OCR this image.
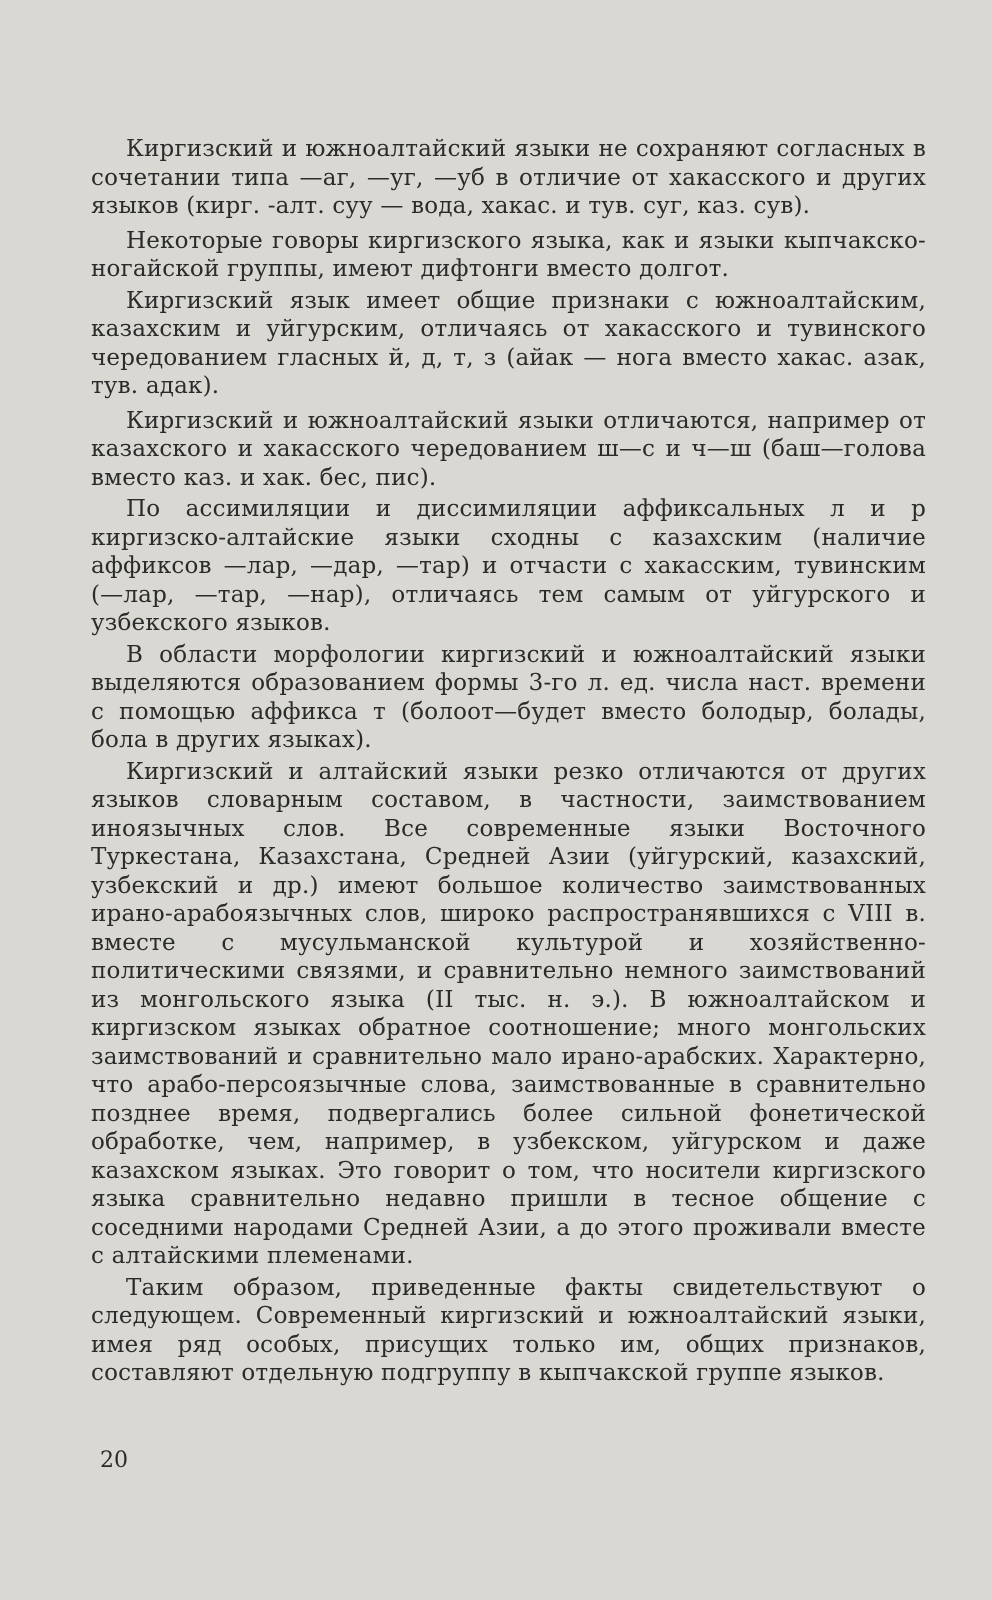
Киргизский и южноалтайский языки не сохраняют согласных в сочетании типа —аг, —уг, —уб в отличие от хакасского и других языков (кирг. -алт. суу — вода, хакас. и тув. суг, каз. сув).

Некоторые говоры киргизского языка, как и языки кыпчакско-ногайской группы, имеют дифтонги вместо долгот.

Киргизский язык имеет общие признаки с южноалтайским, казахским и уйгурским, отличаясь от хакасского и тувинского чередованием гласных й, д, т, з (айак — нога вместо хакас. азак, тув. адак).

Киргизский и южноалтайский языки отличаются, например от казахского и хакасского чередованием ш—с и ч—ш (баш—голова вместо каз. и хак. бес, пис).

По ассимиляции и диссимиляции аффиксальных л и р киргизско-алтайские языки сходны с казахским (наличие аффиксов —лар, —дар, —тар) и отчасти с хакасским, тувинским (—лар, —тар, —нар), отличаясь тем самым от уйгурского и узбекского языков.

В области морфологии киргизский и южноалтайский языки выделяются образованием формы 3-го л. ед. числа наст. времени с помощью аффикса т (болоот—будет вместо болодыр, болады, бола в других языках).

Киргизский и алтайский языки резко отличаются от других языков словарным составом, в частности, заимствованием иноязычных слов. Все современные языки Восточного Туркестана, Казахстана, Средней Азии (уйгурский, казахский, узбекский и др.) имеют большое количество заимствованных ирано-арабоязычных слов, широко распространявшихся с VIII в. вместе с мусульманской культурой и хозяйственно-политическими связями, и сравнительно немного заимствований из монгольского языка (II тыс. н. э.). В южноалтайском и киргизском языках обратное соотношение; много монгольских заимствований и сравнительно мало ирано-арабских. Характерно, что арабо-персоязычные слова, заимствованные в сравнительно позднее время, подвергались более сильной фонетической обработке, чем, например, в узбекском, уйгурском и даже казахском языках. Это говорит о том, что носители киргизского языка сравнительно недавно пришли в тесное общение с соседними народами Средней Азии, а до этого проживали вместе с алтайскими племенами.

Таким образом, приведенные факты свидетельствуют о следующем. Современный киргизский и южноалтайский языки, имея ряд особых, присущих только им, общих признаков, составляют отдельную подгруппу в кыпчакской группе языков.

20
